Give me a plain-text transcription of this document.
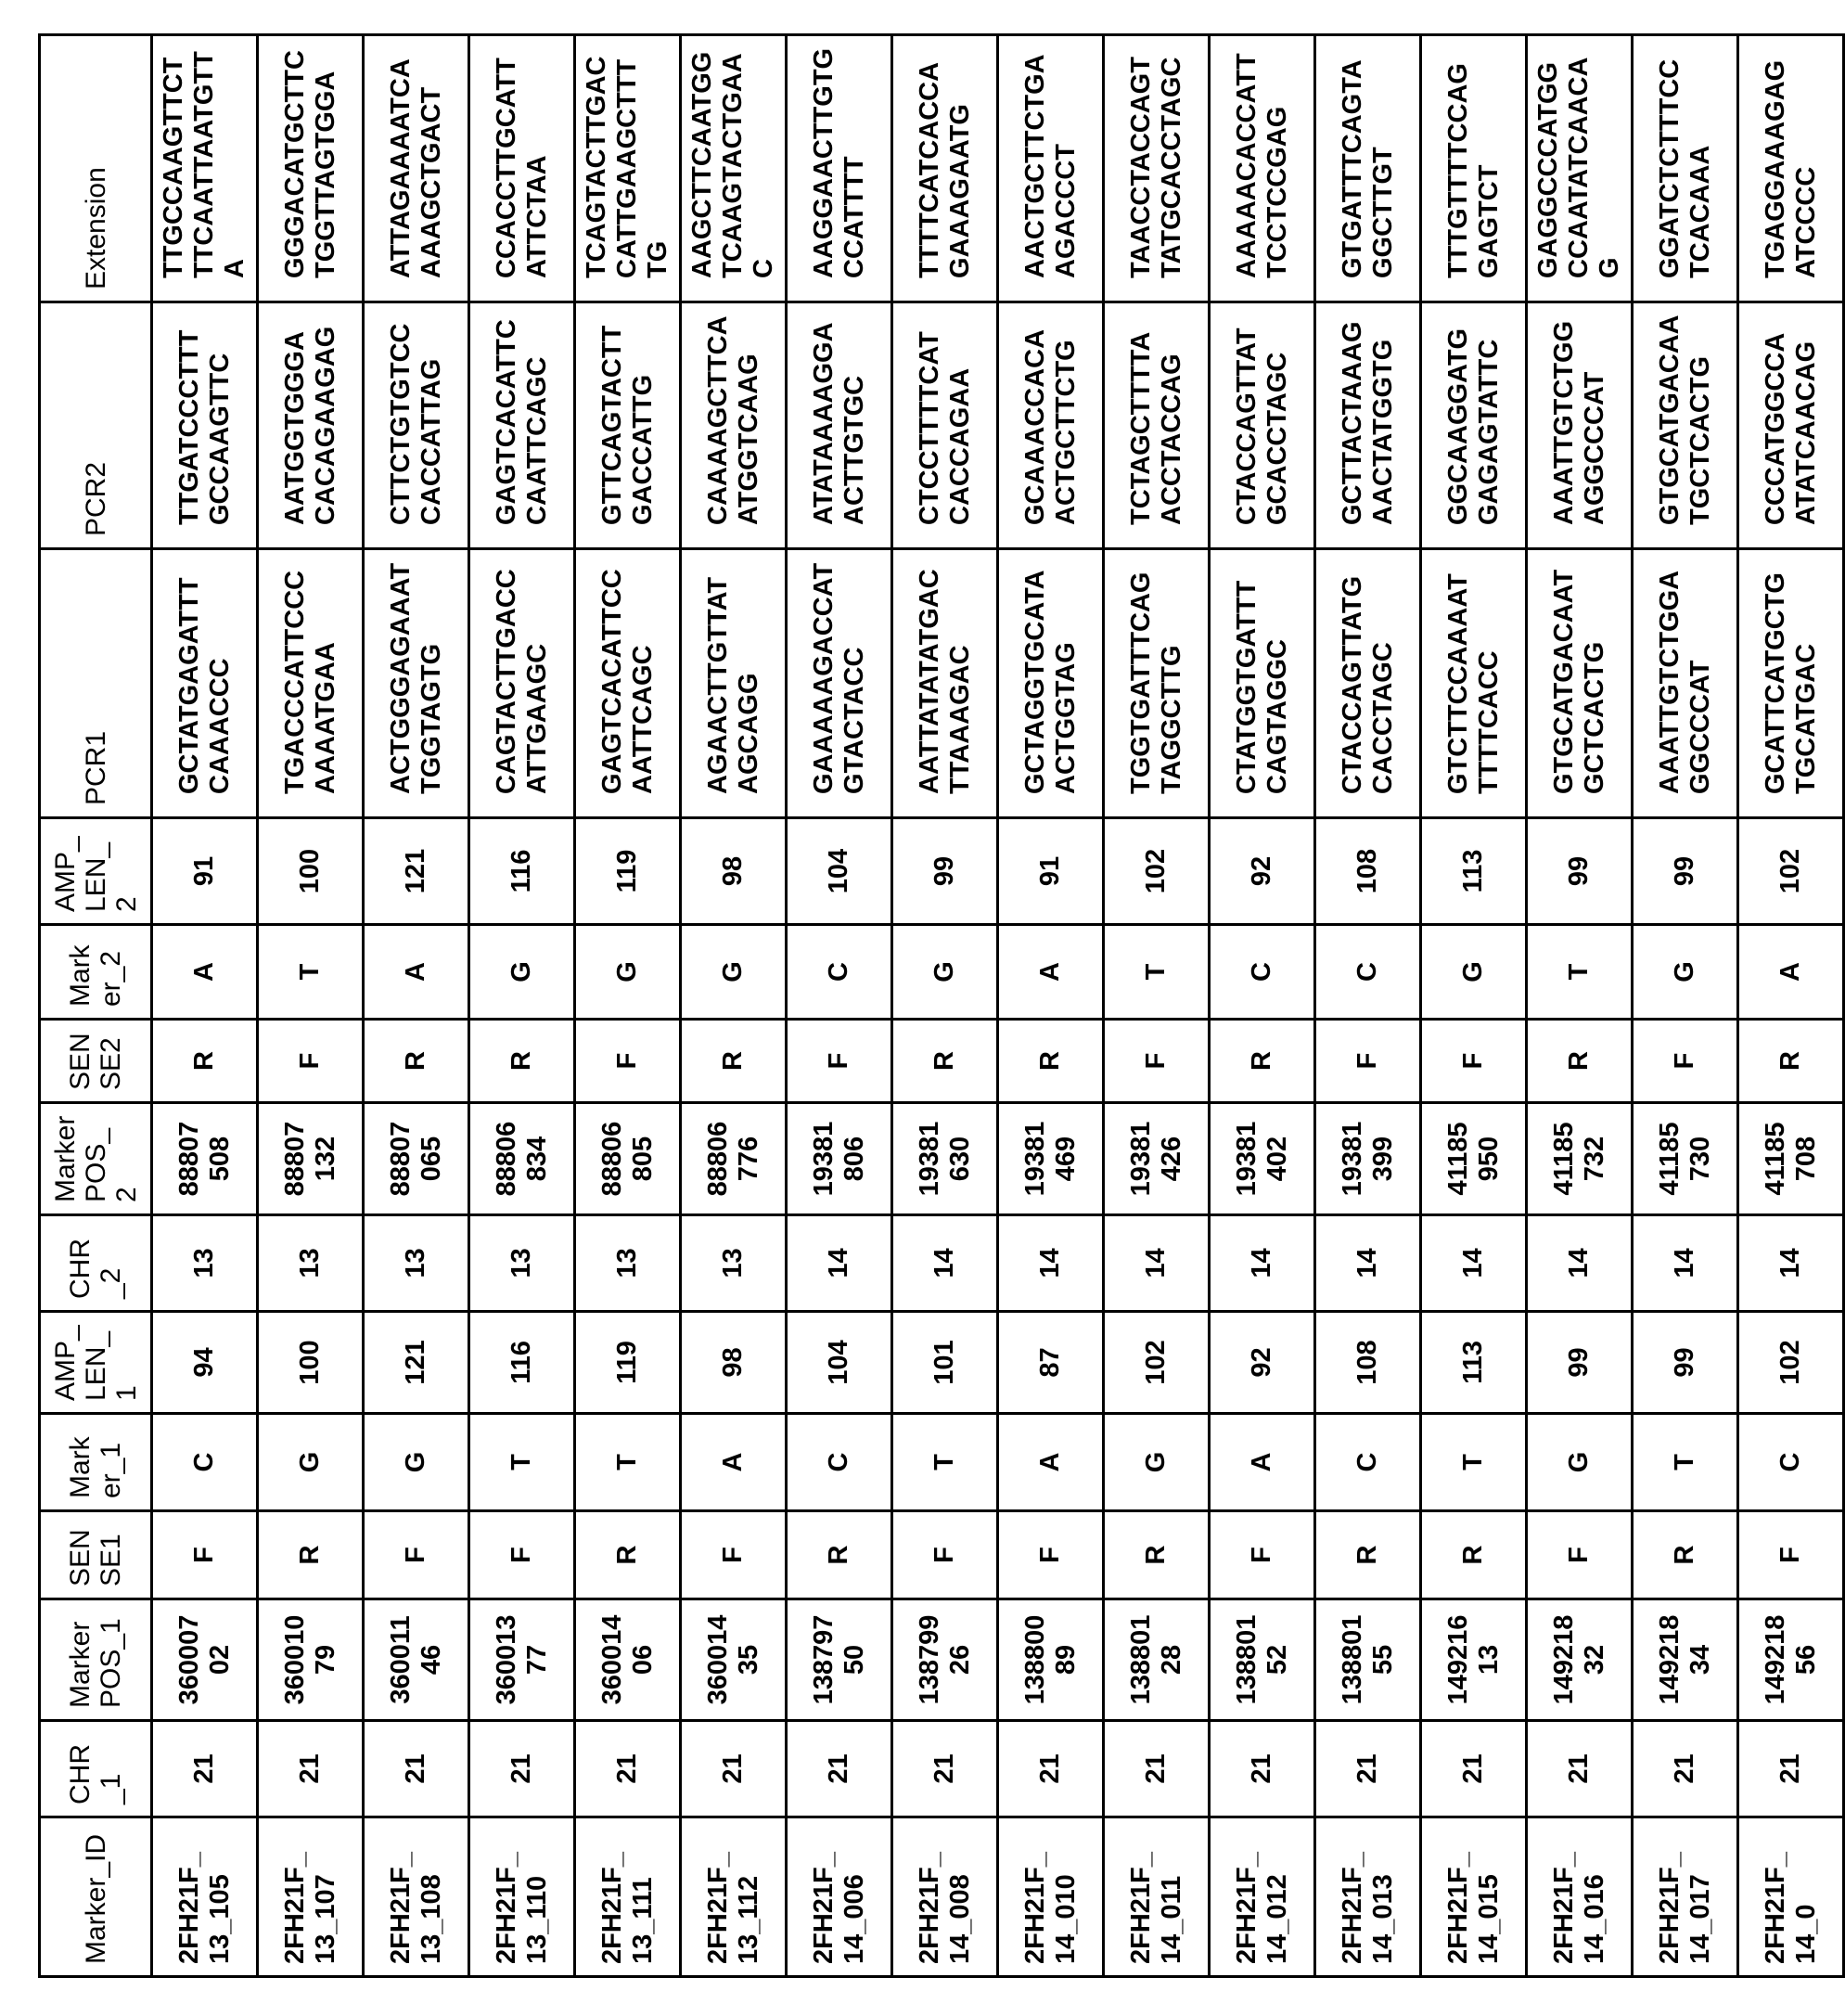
Marker_ID	CHR_1	Marker POS_1	SENSE1	Marker_1	AMP_LEN_1	CHR_2	Marker POS_2	SENSE2	Marker_2	AMP_LEN_2	PCR1	PCR2	Extension
2FH21F_13_105	21	36000702	F	C	94	13	88807508	R	A	91	GCTATGAGATTTCAAACCC	TTGATCCCTTTGCCAAGTTC	TTGCCAAGTTCTTTCAATTAATGTTA
2FH21F_13_107	21	36001079	R	G	100	13	88807132	F	T	100	TGACCCATTCCCAAAATGAA	AATGGTGGGACACAGAAGAG	GGGACATGCTTCTGGTTAGTGGA
2FH21F_13_108	21	36001146	F	G	121	13	88807065	R	A	121	ACTGGGAGAAATTGGTAGTG	CTTCTGTGTCCCACCATTAG	ATTAGAAAATCAAAAGCTGACT
2FH21F_13_110	21	36001377	F	T	116	13	88806834	R	G	116	CAGTACTTGACCATTGAAGC	GAGTCACATTCCAATTCAGC	CCACCTTGCATTATTCTAA
2FH21F_13_111	21	36001406	R	T	119	13	88806805	F	G	119	GAGTCACATTCCAATTCAGC	GTTCAGTACTTGACCATTG	TCAGTACTTGACCATTGAAGCTTTTG
2FH21F_13_112	21	36001435	F	A	98	13	88806776	R	G	98	AGAACTTGTTATAGCAGG	CAAAAGCTTCAATGGTCAAG	AAGCTTCAATGGTCAAGTACTGAAC
2FH21F_14_006	21	13879750	R	C	104	14	19381806	F	C	104	GAAAAAGACCATGTACTACC	ATATAAAAGGAACTTGTGC	AAGGAACTTGTGCCATTTT
2FH21F_14_008	21	13879926	F	T	101	14	19381630	R	G	99	AATTATATATGACTTAAAGAC	CTCCTTTTCATCACCAGAA	TTTTCATCACCAGAAAGAATG
2FH21F_14_010	21	13880089	F	A	87	14	19381469	R	A	91	GCTAGGTGCATAACTGGTAG	GCAAACCACAACTGCTTCTG	AACTGCTTCTGAAGACCCT
2FH21F_14_011	21	13880128	R	G	102	14	19381426	F	T	102	TGGTGATTTCAGTAGGCTTG	TCTAGCTTTTAACCTACCAG	TAACCTACCAGTTATGCACCTAGC
2FH21F_14_012	21	13880152	F	A	92	14	19381402	R	C	92	CTATGGTGATTTCAGTAGGC	CTACCAGTTATGCACCTAGC	AAAAACACCATTTCCTCCGAG
2FH21F_14_013	21	13880155	R	C	108	14	19381399	F	C	108	CTACCAGTTATGCACCTAGC	GCTTACTAAAGAACTATGGTG	GTGATTTCAGTAGGCTTGT
2FH21F_14_015	21	14921613	R	T	113	14	41185950	F	G	113	GTCTTCCAAAATTTTTCACC	GGCAAGGATGGAGAGTATTC	TTTGTTTTCCAGGAGTCT
2FH21F_14_016	21	14921832	F	G	99	14	41185732	R	T	99	GTGCATGACAATGCTCACTG	AAATTGTCTGGAGGCCCAT	GAGGCCCATGGCCAATATCAACAG
2FH21F_14_017	21	14921834	R	T	99	14	41185730	F	G	99	AAATTGTCTGGAGGCCCAT	GTGCATGACAATGCTCACTG	GGATCTCTTTCCTCACAAA
2FH21F_14_0	21	14921856	F	C	102	14	41185708	R	A	102	GCATTCATGCTGTGCATGAC	CCCATGGCCAATATCAACAG	TGAGGAAAGAGATCCCC
